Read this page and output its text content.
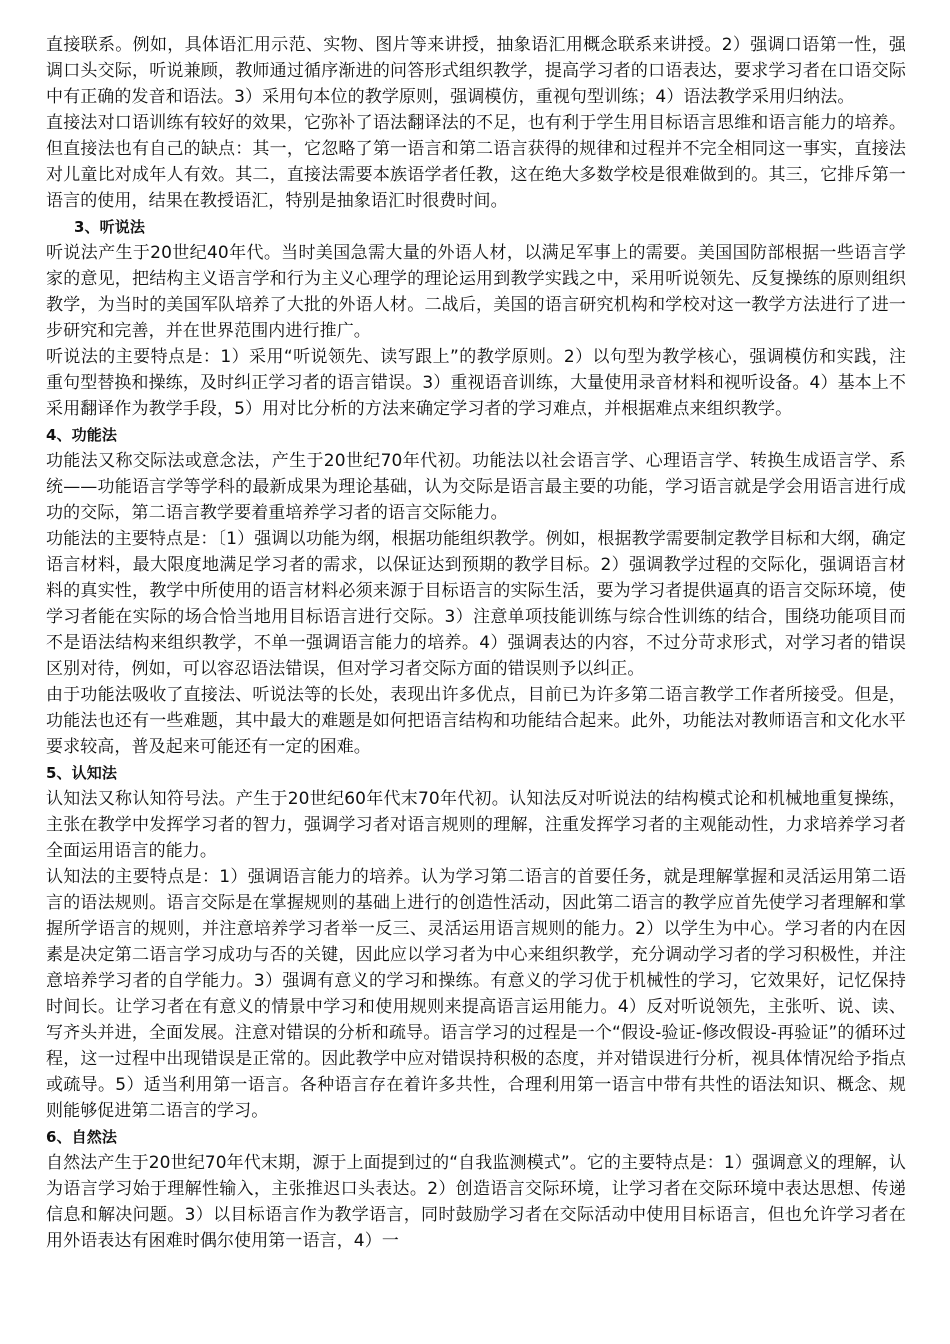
直接联系。例如，具体语汇用示范、实物、图片等来讲授，抽象语汇用概念联系来讲授。2）强调口语第一性，强调口头交际，听说兼顾，教师通过循序渐进的问答形式组织教学，提高学习者的口语表达，要求学习者在口语交际中有正确的发音和语法。3）采用句本位的教学原则，强调模仿，重视句型训练；4）语法教学采用归纳法。

直接法对口语训练有较好的效果，它弥补了语法翻译法的不足，也有利于学生用目标语言思维和语言能力的培养。但直接法也有自己的缺点：其一，它忽略了第一语言和第二语言获得的规律和过程并不完全相同这一事实，直接法对儿童比对成年人有效。其二，直接法需要本族语学者任教，这在绝大多数学校是很难做到的。其三，它排斥第一语言的使用，结果在教授语汇，特别是抽象语汇时很费时间。

3、听说法

听说法产生于20世纪40年代。当时美国急需大量的外语人材，以满足军事上的需要。美国国防部根据一些语言学家的意见，把结构主义语言学和行为主义心理学的理论运用到教学实践之中，采用听说领先、反复操练的原则组织教学，为当时的美国军队培养了大批的外语人材。二战后，美国的语言研究机构和学校对这一教学方法进行了进一步研究和完善，并在世界范围内进行推广。

听说法的主要特点是：1）采用“听说领先、读写跟上”的教学原则。2）以句型为教学核心，强调模仿和实践，注重句型替换和操练，及时纠正学习者的语言错误。3）重视语音训练，大量使用录音材料和视听设备。4）基本上不采用翻译作为教学手段，5）用对比分析的方法来确定学习者的学习难点，并根据难点来组织教学。

4、功能法

功能法又称交际法或意念法，产生于20世纪70年代初。功能法以社会语言学、心理语言学、转换生成语言学、系统——功能语言学等学科的最新成果为理论基础，认为交际是语言最主要的功能，学习语言就是学会用语言进行成功的交际，第二语言教学要着重培养学习者的语言交际能力。

功能法的主要特点是：〔1）强调以功能为纲，根据功能组织教学。例如，根据教学需要制定教学目标和大纲，确定语言材料，最大限度地满足学习者的需求，以保证达到预期的教学目标。2）强调教学过程的交际化，强调语言材料的真实性，教学中所使用的语言材料必须来源于目标语言的实际生活，要为学习者提供逼真的语言交际环境，使学习者能在实际的场合恰当地用目标语言进行交际。3）注意单项技能训练与综合性训练的结合，围绕功能项目而不是语法结构来组织教学，不单一强调语言能力的培养。4）强调表达的内容，不过分苛求形式，对学习者的错误区别对待，例如，可以容忍语法错误，但对学习者交际方面的错误则予以纠正。

由于功能法吸收了直接法、听说法等的长处，表现出许多优点，目前已为许多第二语言教学工作者所接受。但是，功能法也还有一些难题，其中最大的难题是如何把语言结构和功能结合起来。此外，功能法对教师语言和文化水平要求较高，普及起来可能还有一定的困难。

5、认知法

认知法又称认知符号法。产生于20世纪60年代末70年代初。认知法反对听说法的结构模式论和机械地重复操练，主张在教学中发挥学习者的智力，强调学习者对语言规则的理解，注重发挥学习者的主观能动性，力求培养学习者全面运用语言的能力。

认知法的主要特点是：1）强调语言能力的培养。认为学习第二语言的首要任务，就是理解掌握和灵活运用第二语言的语法规则。语言交际是在掌握规则的基础上进行的创造性活动，因此第二语言的教学应首先使学习者理解和掌握所学语言的规则，并注意培养学习者举一反三、灵活运用语言规则的能力。2）以学生为中心。学习者的内在因素是决定第二语言学习成功与否的关键，因此应以学习者为中心来组织教学，充分调动学习者的学习积极性，并注意培养学习者的自学能力。3）强调有意义的学习和操练。有意义的学习优于机械性的学习，它效果好，记忆保持时间长。让学习者在有意义的情景中学习和使用规则来提高语言运用能力。4）反对听说领先，主张听、说、读、写齐头并进，全面发展。注意对错误的分析和疏导。语言学习的过程是一个“假设-验证-修改假设-再验证”的循环过程，这一过程中出现错误是正常的。因此教学中应对错误持积极的态度，并对错误进行分析，视具体情况给予指点或疏导。5）适当利用第一语言。各种语言存在着许多共性，合理利用第一语言中带有共性的语法知识、概念、规则能够促进第二语言的学习。

6、自然法

自然法产生于20世纪70年代末期，源于上面提到过的“自我监测模式”。它的主要特点是：1）强调意义的理解，认为语言学习始于理解性输入，主张推迟口头表达。2）创造语言交际环境，让学习者在交际环境中表达思想、传递信息和解决问题。3）以目标语言作为教学语言，同时鼓励学习者在交际活动中使用目标语言，但也允许学习者在用外语表达有困难时偶尔使用第一语言，4）一
